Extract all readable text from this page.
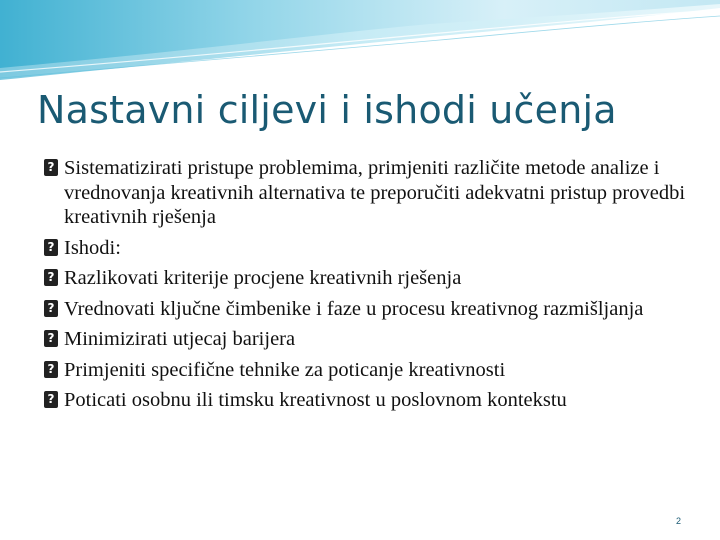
Nastavni ciljevi i ishodi učenja
?
Sistematizirati pristupe problemima, primjeniti različite metode analize i vrednovanja kreativnih alternativa te preporučiti adekvatni pristup provedbi kreativnih rješenja
?
Ishodi:
?
Razlikovati kriterije procjene kreativnih rješenja
?
Vrednovati ključne čimbenike i faze u procesu kreativnog razmišljanja
?
Minimizirati utjecaj barijera
?
Primjeniti specifične tehnike za poticanje kreativnosti
?
Poticati osobnu ili timsku kreativnost u poslovnom kontekstu
2
